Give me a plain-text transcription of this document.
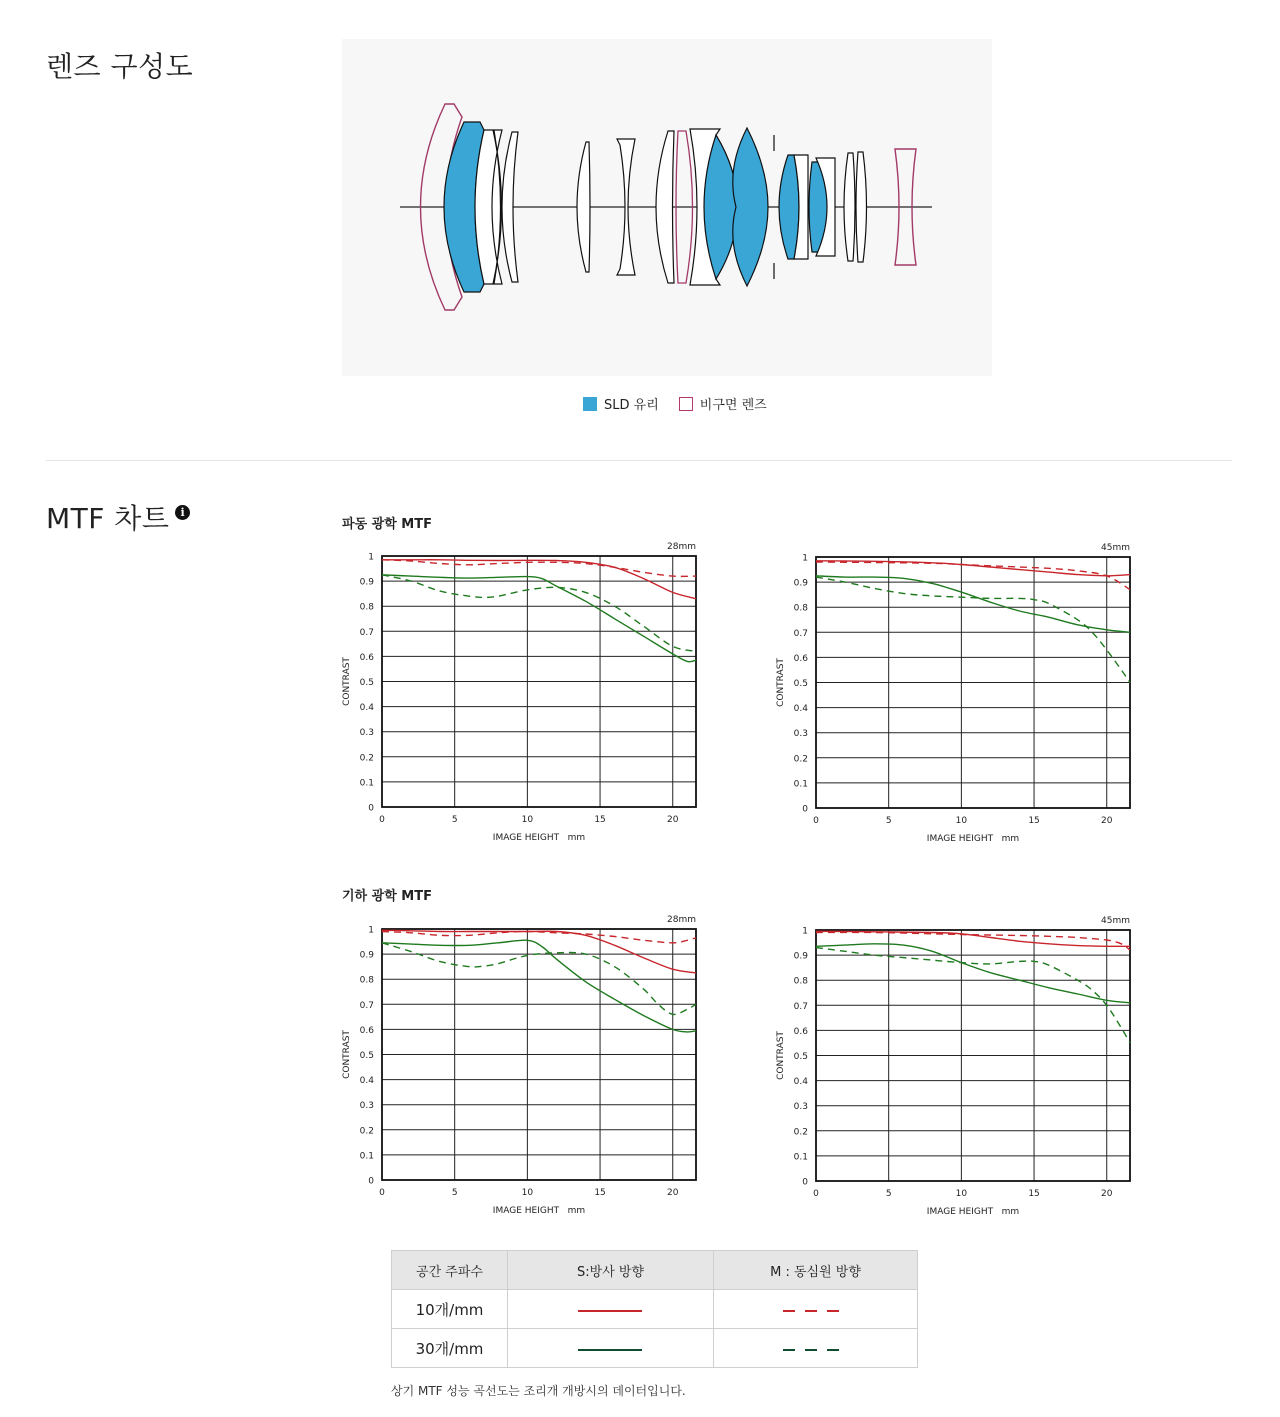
렌즈 구성도
SLD 유리	비구면 렌즈
MTF 차트 i
파동 광학 MTF
기하 광학 MTF
0
0.1
0.2
0.3
0.4
0.5
0.6
0.7
0.8
0.9
1
0	5	10	15	20
28mm
IMAGE HEIGHT   mm
CONTRAST
0
0.1
0.2
0.3
0.4
0.5
0.6
0.7
0.8
0.9
1
0	5	10	15	20
45mm
IMAGE HEIGHT   mm
CONTRAST
0
0.1
0.2
0.3
0.4
0.5
0.6
0.7
0.8
0.9
1
0	5	10	15	20
28mm
IMAGE HEIGHT   mm
CONTRAST
0
0.1
0.2
0.3
0.4
0.5
0.6
0.7
0.8
0.9
1
0	5	10	15	20
45mm
IMAGE HEIGHT   mm
CONTRAST
공간 주파수	S:방사 방향	M : 동심원 방향
10개/mm		
30개/mm		
상기 MTF 성능 곡선도는 조리개 개방시의 데이터입니다.
